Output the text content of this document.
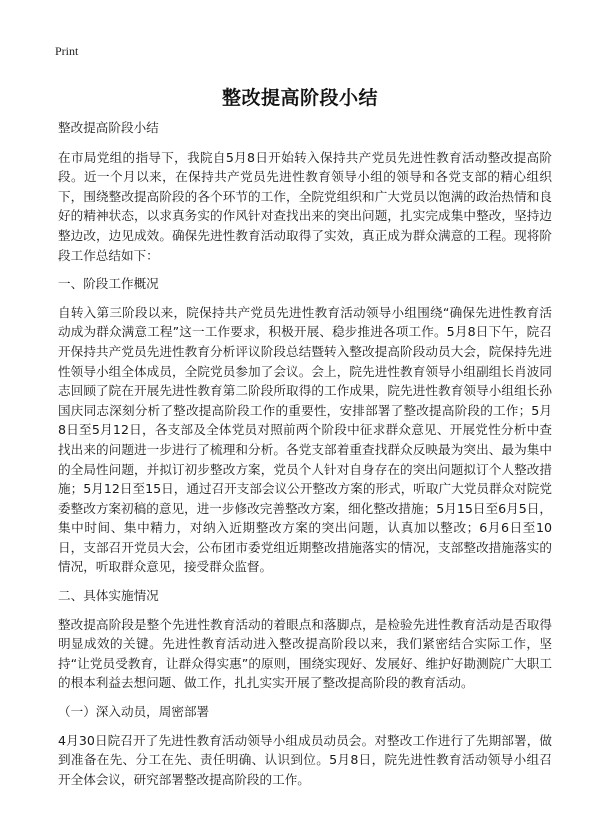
Print
整改提高阶段小结

整改提高阶段小结

在市局党组的指导下，我院自5月8日开始转入保持共产党员先进性教育活动整改提高阶段。近一个月以来，在保持共产党员先进性教育领导小组的领导和各党支部的精心组织下，围绕整改提高阶段的各个环节的工作，全院党组织和广大党员以饱满的政治热情和良好的精神状态，以求真务实的作风针对查找出来的突出问题，扎实完成集中整改，坚持边整边改，边见成效。确保先进性教育活动取得了实效，真正成为群众满意的工程。现将阶段工作总结如下：

一、阶段工作概况

自转入第三阶段以来，院保持共产党员先进性教育活动领导小组围绕“确保先进性教育活动成为群众满意工程”这一工作要求，积极开展、稳步推进各项工作。5月8日下午，院召开保持共产党员先进性教育分析评议阶段总结暨转入整改提高阶段动员大会，院保持先进性领导小组全体成员，全院党员参加了会议。会上，院先进性教育领导小组副组长肖波同志回顾了院在开展先进性教育第二阶段所取得的工作成果，院先进性教育领导小组组长孙国庆同志深刻分析了整改提高阶段工作的重要性，安排部署了整改提高阶段的工作；5月8日至5月12日，各支部及全体党员对照前两个阶段中征求群众意见、开展党性分析中查找出来的问题进一步进行了梳理和分析。各党支部着重查找群众反映最为突出、最为集中的全局性问题，并拟订初步整改方案，党员个人针对自身存在的突出问题拟订个人整改措施；5月12日至15日，通过召开支部会议公开整改方案的形式，听取广大党员群众对院党委整改方案初稿的意见，进一步修改完善整改方案，细化整改措施；5月15日至6月5日，集中时间、集中精力，对纳入近期整改方案的突出问题，认真加以整改；6月6日至10日，支部召开党员大会，公布团市委党组近期整改措施落实的情况，支部整改措施落实的情况，听取群众意见，接受群众监督。

二、具体实施情况

整改提高阶段是整个先进性教育活动的着眼点和落脚点，是检验先进性教育活动是否取得明显成效的关键。先进性教育活动进入整改提高阶段以来，我们紧密结合实际工作，坚持“让党员受教育，让群众得实惠”的原则，围绕实现好、发展好、维护好勘测院广大职工的根本利益去想问题、做工作，扎扎实实开展了整改提高阶段的教育活动。

（一）深入动员，周密部署

4月30日院召开了先进性教育活动领导小组成员动员会。对整改工作进行了先期部署，做到准备在先、分工在先、责任明确、认识到位。5月8日，院先进性教育活动领导小组召开全体会议，研究部署整改提高阶段的工作。
